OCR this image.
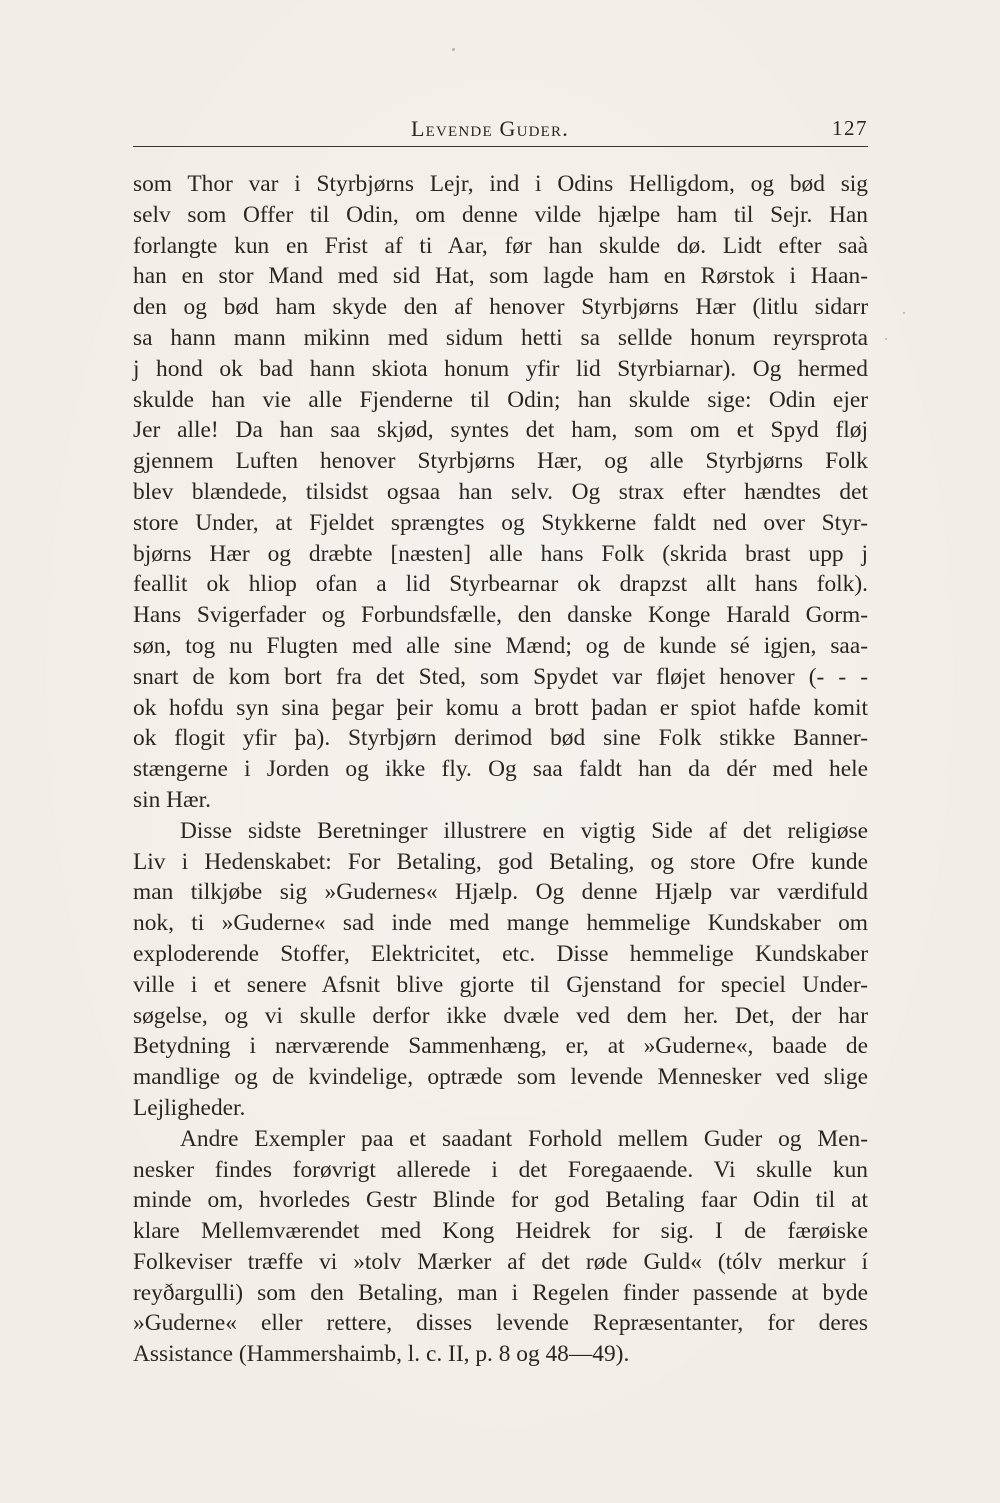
Levende Guder.	127
som Thor var i Styrbjørns Lejr, ind i Odins Helligdom, og bød sig
selv som Offer til Odin, om denne vilde hjælpe ham til Sejr. Han
forlangte kun en Frist af ti Aar, før han skulde dø. Lidt efter saà
han en stor Mand med sid Hat, som lagde ham en Rørstok i Haan-
den og bød ham skyde den af henover Styrbjørns Hær (litlu sidarr
sa hann mann mikinn med sidum hetti sa sellde honum reyrsprota
j hond ok bad hann skiota honum yfir lid Styrbiarnar). Og hermed
skulde han vie alle Fjenderne til Odin; han skulde sige: Odin ejer
Jer alle! Da han saa skjød, syntes det ham, som om et Spyd fløj
gjennem Luften henover Styrbjørns Hær, og alle Styrbjørns Folk
blev blændede, tilsidst ogsaa han selv. Og strax efter hændtes det
store Under, at Fjeldet sprængtes og Stykkerne faldt ned over Styr-
bjørns Hær og dræbte [næsten] alle hans Folk (skrida brast upp j
feallit ok hliop ofan a lid Styrbearnar ok drapzst allt hans folk).
Hans Svigerfader og Forbundsfælle, den danske Konge Harald Gorm-
søn, tog nu Flugten med alle sine Mænd; og de kunde sé igjen, saa-
snart de kom bort fra det Sted, som Spydet var fløjet henover (- - -
ok hofdu syn sina þegar þeir komu a brott þadan er spiot hafde komit
ok flogit yfir þa). Styrbjørn derimod bød sine Folk stikke Banner-
stængerne i Jorden og ikke fly. Og saa faldt han da dér med hele
sin Hær.
Disse sidste Beretninger illustrere en vigtig Side af det religiøse
Liv i Hedenskabet: For Betaling, god Betaling, og store Ofre kunde
man tilkjøbe sig »Gudernes« Hjælp. Og denne Hjælp var værdifuld
nok, ti »Guderne« sad inde med mange hemmelige Kundskaber om
exploderende Stoffer, Elektricitet, etc. Disse hemmelige Kundskaber
ville i et senere Afsnit blive gjorte til Gjenstand for speciel Under-
søgelse, og vi skulle derfor ikke dvæle ved dem her. Det, der har
Betydning i nærværende Sammenhæng, er, at »Guderne«, baade de
mandlige og de kvindelige, optræde som levende Mennesker ved slige
Lejligheder.
Andre Exempler paa et saadant Forhold mellem Guder og Men-
nesker findes forøvrigt allerede i det Foregaaende. Vi skulle kun
minde om, hvorledes Gestr Blinde for god Betaling faar Odin til at
klare Mellemværendet med Kong Heidrek for sig. I de færøiske
Folkeviser træffe vi »tolv Mærker af det røde Guld« (tólv merkur í
reyðargulli) som den Betaling, man i Regelen finder passende at byde
»Guderne« eller rettere, disses levende Repræsentanter, for deres
Assistance (Hammershaimb, l. c. II, p. 8 og 48—49).
